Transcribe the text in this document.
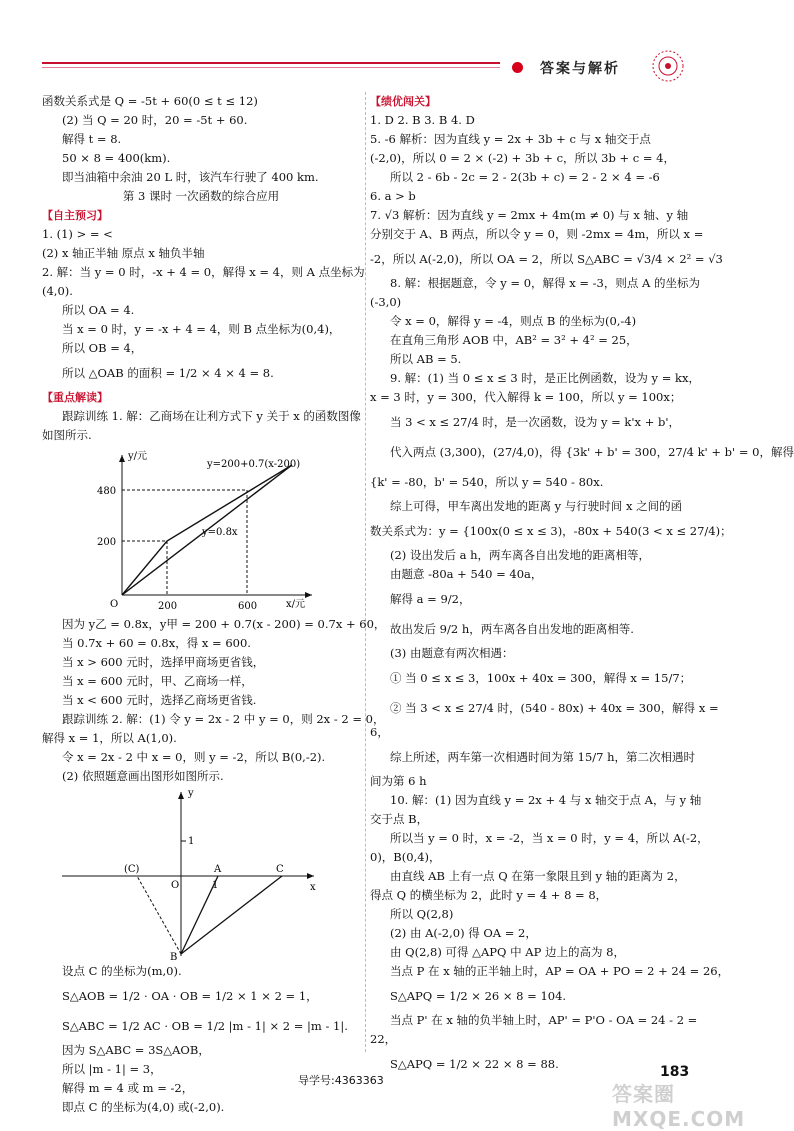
答案与解析
函数关系式是 Q = -5t + 60(0 ≤ t ≤ 12)
(2) 当 Q = 20 时，20 = -5t + 60.
解得 t = 8.
50 × 8 = 400(km).
即当油箱中余油 20 L 时，该汽车行驶了 400 km.
第 3 课时 一次函数的综合应用
【自主预习】
1. (1) > = <
(2) x 轴正半轴 原点 x 轴负半轴
2. 解：当 y = 0 时，-x + 4 = 0，解得 x = 4，则 A 点坐标为
(4,0).
所以 OA = 4.
当 x = 0 时，y = -x + 4 = 4，则 B 点坐标为(0,4)，
所以 OB = 4，
所以 △OAB 的面积 = 1/2 × 4 × 4 = 8.
【重点解读】
跟踪训练 1. 解：乙商场在让利方式下 y 关于 x 的函数图像
如图所示.
y=200+0.7(x-200)
y=0.8x
y/元
x/元
O
480
200
200	600
因为 y乙 = 0.8x，y甲 = 200 + 0.7(x - 200) = 0.7x + 60，
当 0.7x + 60 = 0.8x，得 x = 600.
当 x > 600 元时，选择甲商场更省钱，
当 x = 600 元时，甲、乙商场一样，
当 x < 600 元时，选择乙商场更省钱.
跟踪训练 2. 解：(1) 令 y = 2x - 2 中 y = 0，则 2x - 2 = 0，
解得 x = 1，所以 A(1,0).
令 x = 2x - 2 中 x = 0，则 y = -2，所以 B(0,-2).
(2) 依照题意画出图形如图所示.
1
y
x
O
(C)	A
1
C
B
设点 C 的坐标为(m,0).
S△AOB = 1/2 · OA · OB = 1/2 × 1 × 2 = 1，
S△ABC = 1/2 AC · OB = 1/2 |m - 1| × 2 = |m - 1|.
因为 S△ABC = 3S△AOB，
所以 |m - 1| = 3，
解得 m = 4 或 m = -2，
即点 C 的坐标为(4,0) 或(-2,0).
【绩优闯关】
1. D 2. B 3. B 4. D
5. -6 解析：因为直线 y = 2x + 3b + c 与 x 轴交于点
(-2,0)，所以 0 = 2 × (-2) + 3b + c，所以 3b + c = 4，
所以 2 - 6b - 2c = 2 - 2(3b + c) = 2 - 2 × 4 = -6
6. a > b
7. √3 解析：因为直线 y = 2mx + 4m(m ≠ 0) 与 x 轴、y 轴
分别交于 A、B 两点，所以令 y = 0，则 -2mx = 4m，所以 x =
-2，所以 A(-2,0)，所以 OA = 2，所以 S△ABC = √3/4 × 2² = √3
8. 解：根据题意，令 y = 0，解得 x = -3，则点 A 的坐标为
(-3,0)
令 x = 0，解得 y = -4，则点 B 的坐标为(0,-4)
在直角三角形 AOB 中，AB² = 3² + 4² = 25，
所以 AB = 5.
9. 解：(1) 当 0 ≤ x ≤ 3 时，是正比例函数，设为 y = kx，
x = 3 时，y = 300，代入解得 k = 100，所以 y = 100x；
当 3 < x ≤ 27/4 时，是一次函数，设为 y = k'x + b'，
代入两点 (3,300)，(27/4,0)，得 {3k' + b' = 300，27/4 k' + b' = 0，解得
{k' = -80，b' = 540，所以 y = 540 - 80x.
综上可得，甲车离出发地的距离 y 与行驶时间 x 之间的函
数关系式为：y = {100x(0 ≤ x ≤ 3)，-80x + 540(3 < x ≤ 27/4)；
(2) 设出发后 a h，两车离各自出发地的距离相等，
由题意 -80a + 540 = 40a，
解得 a = 9/2，
故出发后 9/2 h，两车离各自出发地的距离相等.
(3) 由题意有两次相遇：
① 当 0 ≤ x ≤ 3，100x + 40x = 300，解得 x = 15/7；
② 当 3 < x ≤ 27/4 时，(540 - 80x) + 40x = 300，解得 x =
6，
综上所述，两车第一次相遇时间为第 15/7 h，第二次相遇时
间为第 6 h
10. 解：(1) 因为直线 y = 2x + 4 与 x 轴交于点 A，与 y 轴
交于点 B，
所以当 y = 0 时，x = -2，当 x = 0 时，y = 4，所以 A(-2，
0)，B(0,4)，
由直线 AB 上有一点 Q 在第一象限且到 y 轴的距离为 2，
得点 Q 的横坐标为 2，此时 y = 4 + 8 = 8，
所以 Q(2,8)
(2) 由 A(-2,0) 得 OA = 2，
由 Q(2,8) 可得 △APQ 中 AP 边上的高为 8，
当点 P 在 x 轴的正半轴上时，AP = OA + PO = 2 + 24 = 26，
S△APQ = 1/2 × 26 × 8 = 104.
当点 P' 在 x 轴的负半轴上时，AP' = P'O - OA = 24 - 2 =
22，
S△APQ = 1/2 × 22 × 8 = 88.
导学号:4363363
183
答案圈 MXQE.COM
